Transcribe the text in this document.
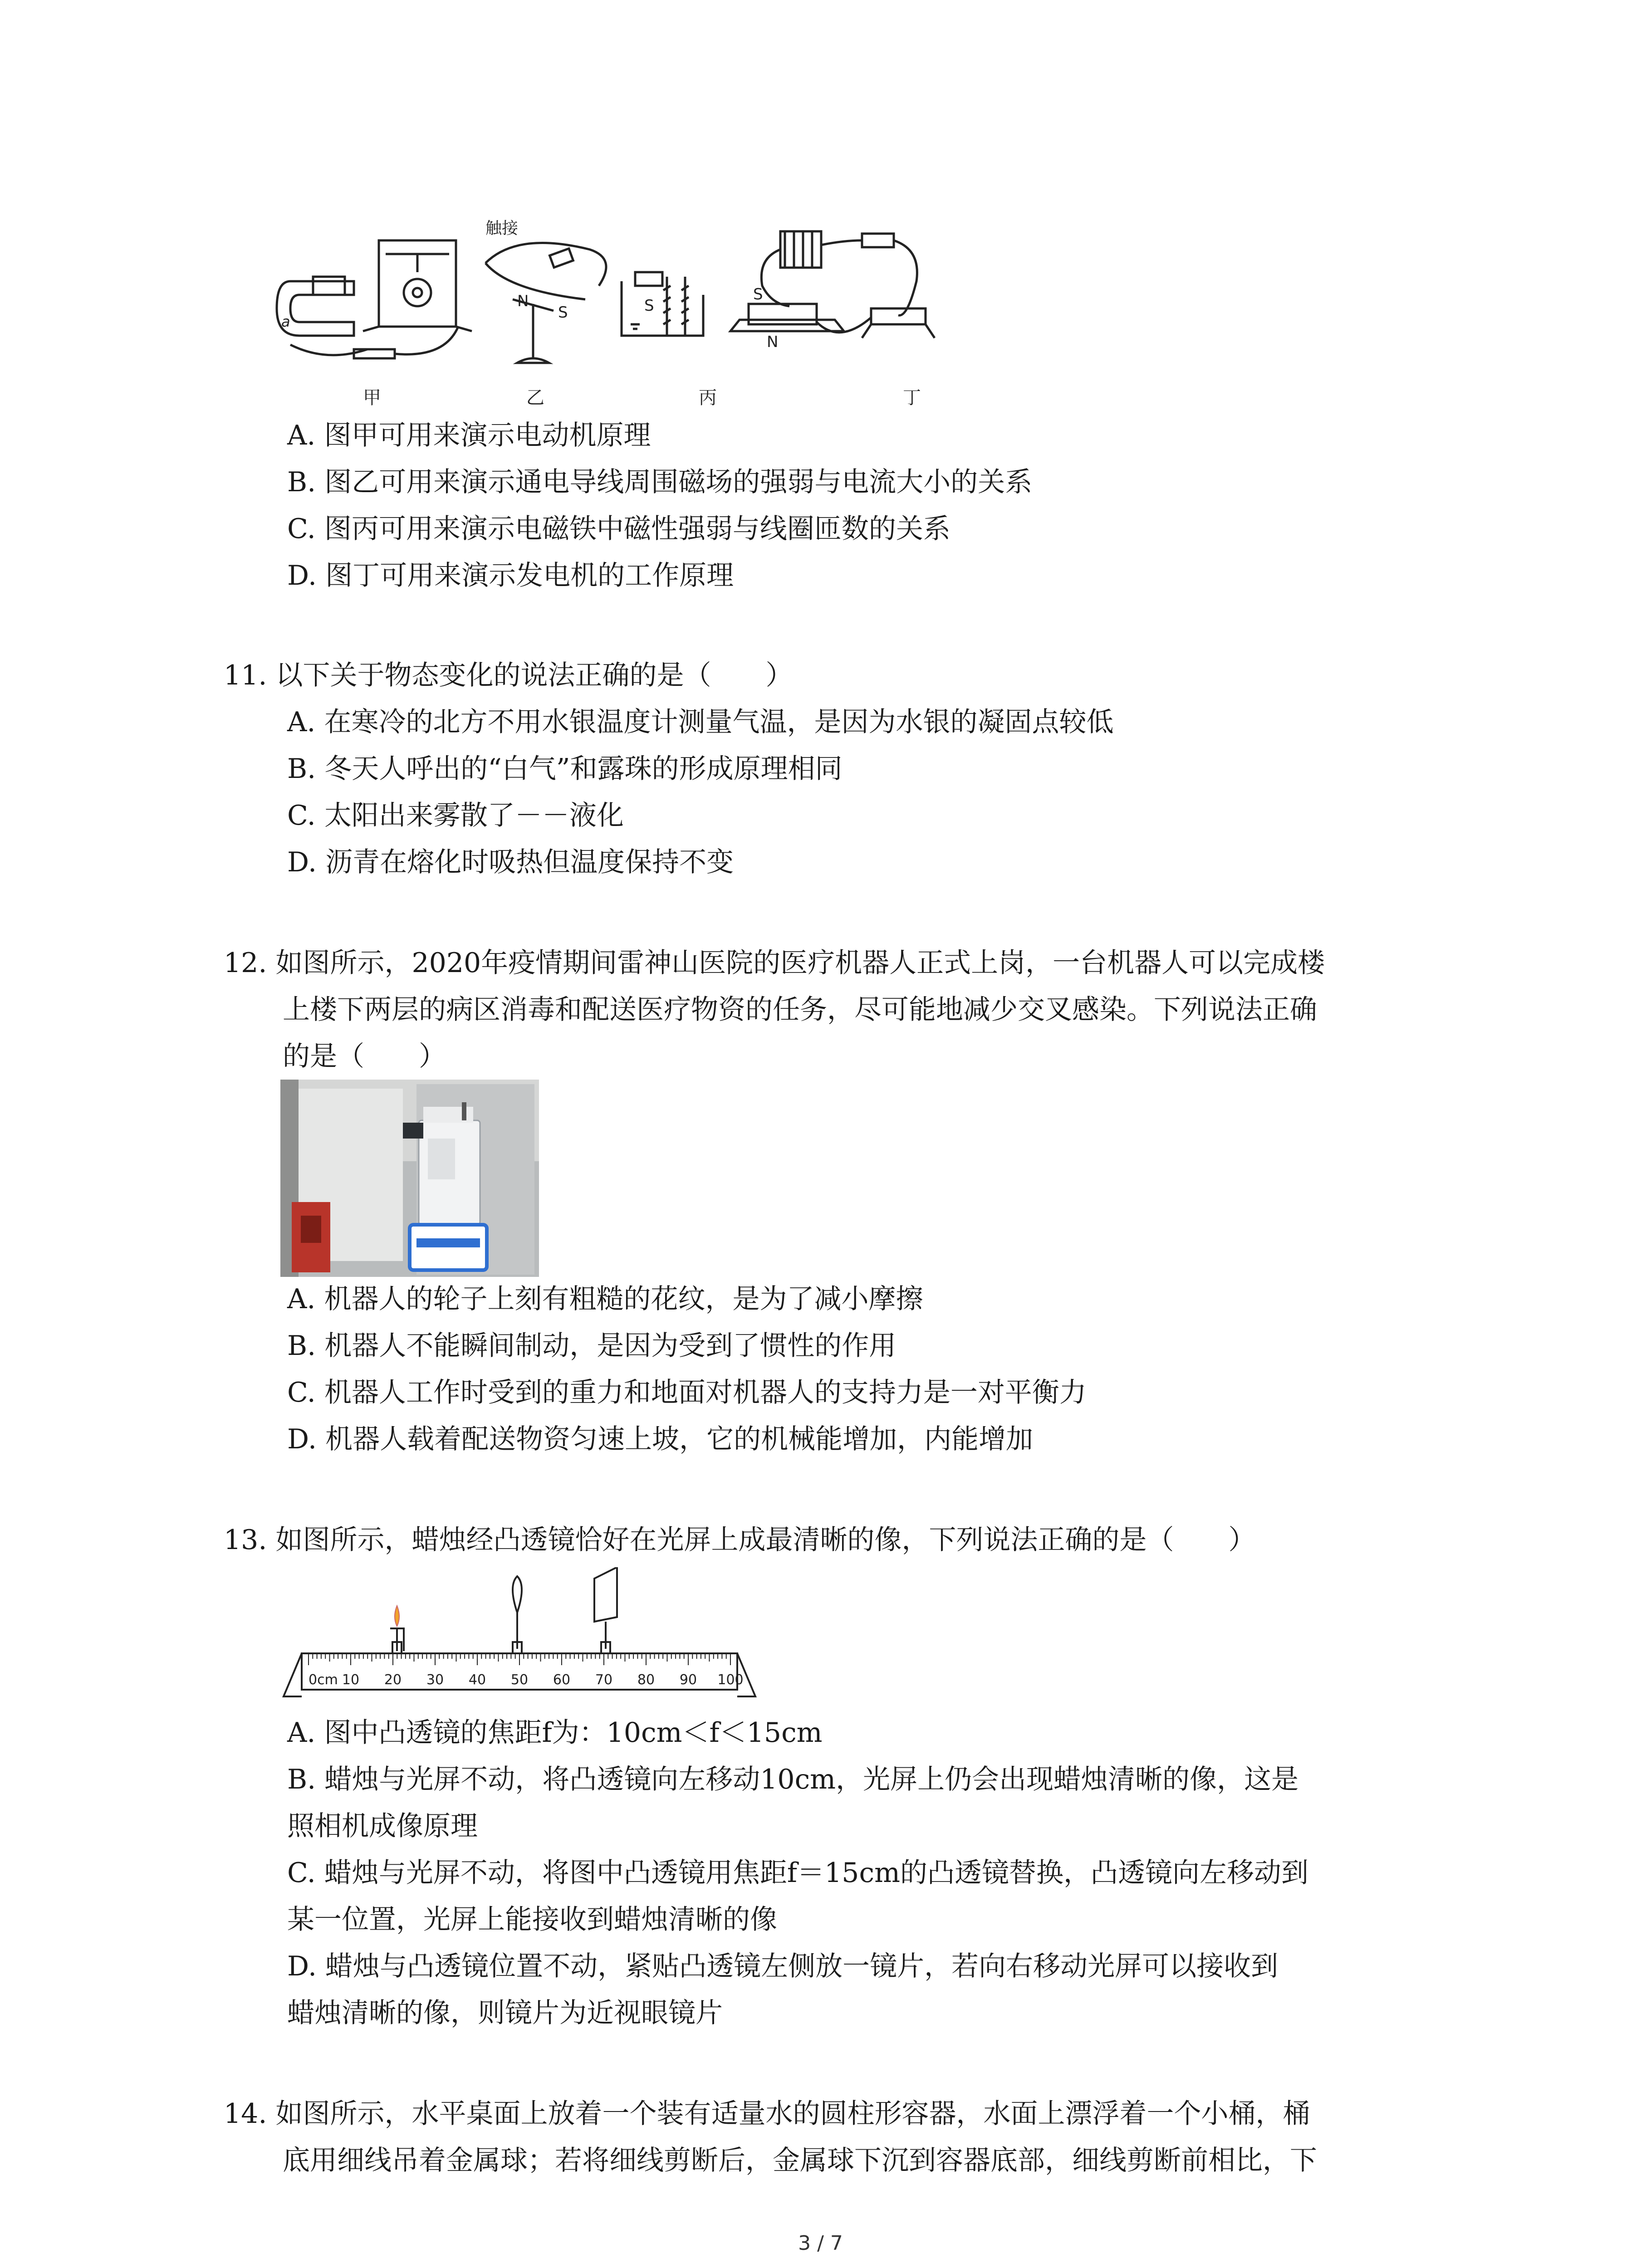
触接
N
S	S
S
N
a
甲	乙	丙	丁
A. 图甲可用来演示电动机原理
B. 图乙可用来演示通电导线周围磁场的强弱与电流大小的关系
C. 图丙可用来演示电磁铁中磁性强弱与线圈匝数的关系
D. 图丁可用来演示发电机的工作原理
11. 以下关于物态变化的说法正确的是（　　）
A. 在寒冷的北方不用水银温度计测量气温，是因为水银的凝固点较低
B. 冬天人呼出的“白气”和露珠的形成原理相同
C. 太阳出来雾散了－－液化
D. 沥青在熔化时吸热但温度保持不变
12. 如图所示，2020年疫情期间雷神山医院的医疗机器人正式上岗，一台机器人可以完成楼
上楼下两层的病区消毒和配送医疗物资的任务，尽可能地减少交叉感染。下列说法正确
的是（　　）
A. 机器人的轮子上刻有粗糙的花纹，是为了减小摩擦
B. 机器人不能瞬间制动，是因为受到了惯性的作用
C. 机器人工作时受到的重力和地面对机器人的支持力是一对平衡力
D. 机器人载着配送物资匀速上坡，它的机械能增加，内能增加
13. 如图所示，蜡烛经凸透镜恰好在光屏上成最清晰的像，下列说法正确的是（　　）
0cm 10 20 30 40 50 60 70 80 90 100
A. 图中凸透镜的焦距f为：10cm＜f＜15cm
B. 蜡烛与光屏不动，将凸透镜向左移动10cm，光屏上仍会出现蜡烛清晰的像，这是
照相机成像原理
C. 蜡烛与光屏不动，将图中凸透镜用焦距f＝15cm的凸透镜替换，凸透镜向左移动到
某一位置，光屏上能接收到蜡烛清晰的像
D. 蜡烛与凸透镜位置不动，紧贴凸透镜左侧放一镜片，若向右移动光屏可以接收到
蜡烛清晰的像，则镜片为近视眼镜片
14. 如图所示，水平桌面上放着一个装有适量水的圆柱形容器，水面上漂浮着一个小桶，桶
底用细线吊着金属球；若将细线剪断后，金属球下沉到容器底部，细线剪断前相比，下
3 / 7
